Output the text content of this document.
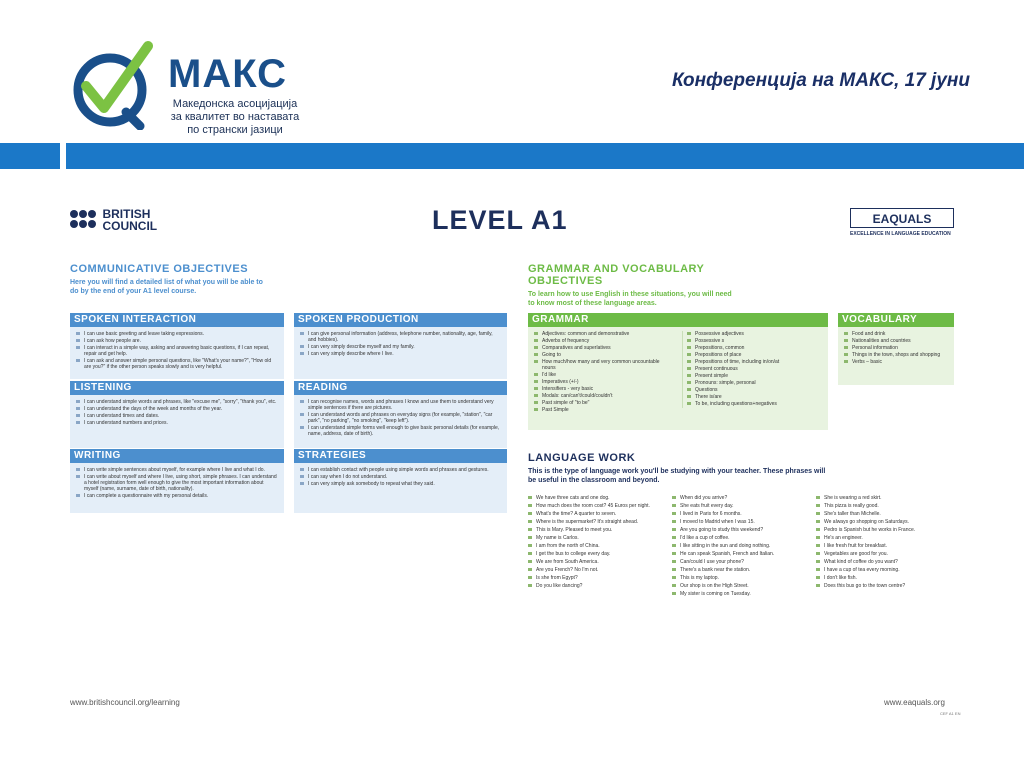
МАКС
Македонска асоцијација за квалитет во наставата по странски јазици
Конференција на МАКС, 17 јуни
BRITISH COUNCIL	LEVEL A1	EAQUALS
EXCELLENCE IN LANGUAGE EDUCATION
COMMUNICATIVE OBJECTIVES
Here you will find a detailed list of what you will be able to do by the end of your A1 level course.
GRAMMAR AND VOCABULARY OBJECTIVES
To learn how to use English in these situations, you will need to know most of these language areas.
SPOKEN INTERACTION
I can use basic greeting and leave taking expressions.
I can ask how people are.
I can interact in a simple way, asking and answering basic questions, if I can repeat, repair and get help.
I can ask and answer simple personal questions, like "What's your name?", "How old are you?" if the other person speaks slowly and is very helpful.
SPOKEN PRODUCTION
I can give personal information (address, telephone number, nationality, age, family, and hobbies).
I can very simply describe myself and my family.
I can very simply describe where I live.
LISTENING
I can understand simple words and phrases, like "excuse me", "sorry", "thank you", etc.
I can understand the days of the week and months of the year.
I can understand times and dates.
I can understand numbers and prices.
READING
I can recognise names, words and phrases I know and use them to understand very simple sentences if there are pictures.
I can understand words and phrases on everyday signs (for example, "station", "car park", "no parking", "no smoking", "keep left").
I can understand simple forms well enough to give basic personal details (for example, name, address, date of birth).
WRITING
I can write simple sentences about myself, for example where I live and what I do.
I can write about myself and where I live, using short, simple phrases. I can understand a hotel registration form well enough to give the most important information about myself (name, surname, date of birth, nationality).
I can complete a questionnaire with my personal details.
STRATEGIES
I can establish contact with people using simple words and phrases and gestures.
I can say when I do not understand.
I can very simply ask somebody to repeat what they said.
GRAMMAR
Adjectives: common and demonstrative
Adverbs of frequency
Comparatives and superlatives
Going to
How much/how many and very common uncountable nouns
I'd like
Imperatives (+/-)
Intensifiers - very basic
Modals: can/can't/could/couldn't
Past simple of "to be"
Past Simple
Possessive adjectives
Possessive s
Prepositions, common
Prepositions of place
Prepositions of time, including in/on/at
Present continuous
Present simple
Pronouns: simple, personal
Questions
There is/are
To be, including questions+negatives
VOCABULARY
Food and drink
Nationalities and countries
Personal information
Things in the town, shops and shopping
Verbs – basic
LANGUAGE WORK
This is the type of language work you'll be studying with your teacher. These phrases will be useful in the classroom and beyond.
We have three cats and one dog.
How much does the room cost? 45 Euros per night.
What's the time? A quarter to seven.
Where is the supermarket? It's straight ahead.
This is Mary. Pleased to meet you.
My name is Carlos.
I am from the north of China.
I get the bus to college every day.
We are from South America.
Are you French? No I'm not.
Is she from Egypt?
Do you like dancing?
When did you arrive?
She eats fruit every day.
I lived in Paris for 6 months.
I moved to Madrid when I was 15.
Are you going to study this weekend?
I'd like a cup of coffee.
I like sitting in the sun and doing nothing.
He can speak Spanish, French and Italian.
Can/could I use your phone?
There's a bank near the station.
This is my laptop.
Our shop is on the High Street.
My sister is coming on Tuesday.
She is wearing a red skirt.
This pizza is really good.
She's taller than Michelle.
We always go shopping on Saturdays.
Pedro is Spanish but he works in France.
He's an engineer.
I like fresh fruit for breakfast.
Vegetables are good for you.
What kind of coffee do you want?
I have a cup of tea every morning.
I don't like fish.
Does this bus go to the town centre?
www.britishcouncil.org/learning	www.eaquals.org
CEF A1 EN
